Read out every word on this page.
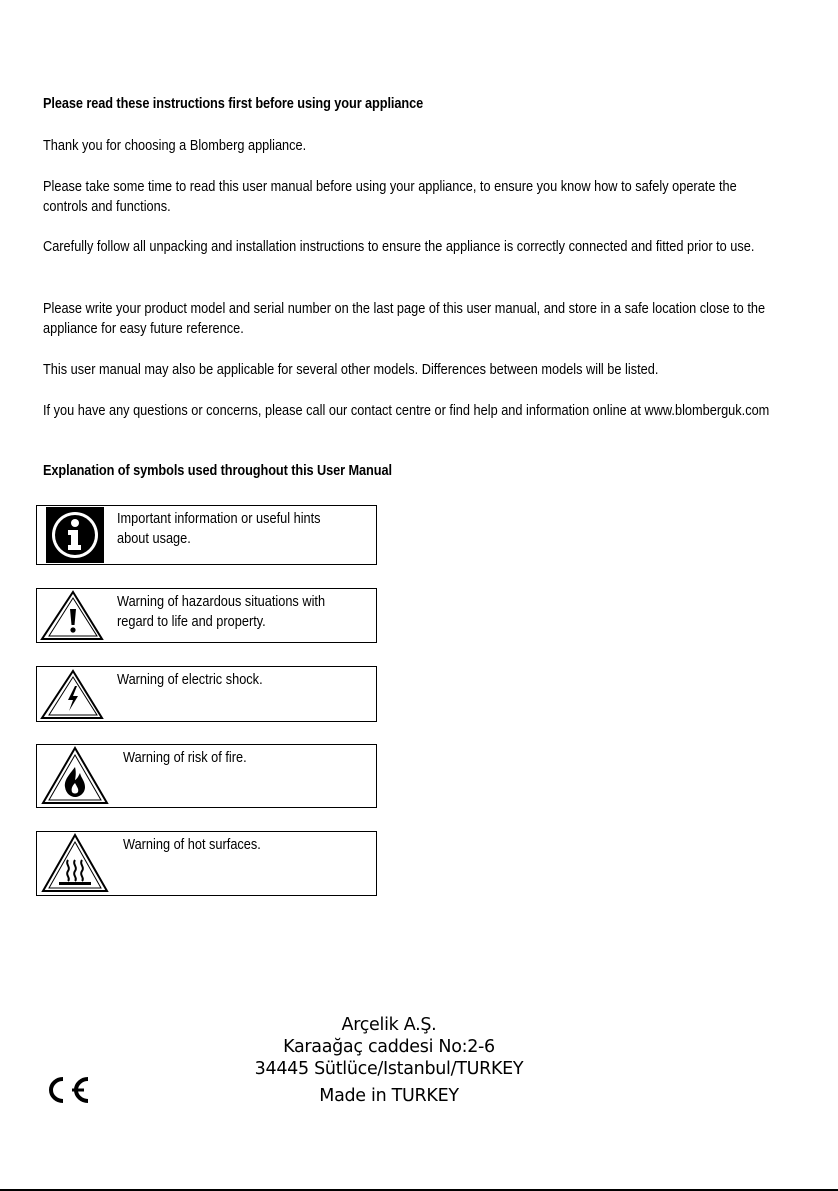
Please read these instructions first before using your appliance
Thank you for choosing a Blomberg appliance.
Please take some time to read this user manual before using your appliance, to ensure you know how to safely operate the controls and functions.
Carefully follow all unpacking and installation instructions to ensure the appliance is correctly connected and fitted prior to use.
Please write your product model and serial number on the last page of this user manual, and store in a safe location close to the appliance for easy future reference.
This user manual may also be applicable for several other models. Differences between models will be listed.
If you have any questions or concerns, please call our contact centre or find help and information online at www.blomberguk.com
Explanation of symbols used throughout this User Manual
Important information or useful hints about usage.
Warning of hazardous situations with regard to life and property.
Warning of electric shock.
Warning of risk of fire.
Warning of hot surfaces.
Arçelik A.Ş.
Karaağaç caddesi No:2-6
34445 Sütlüce/Istanbul/TURKEY
Made in TURKEY
